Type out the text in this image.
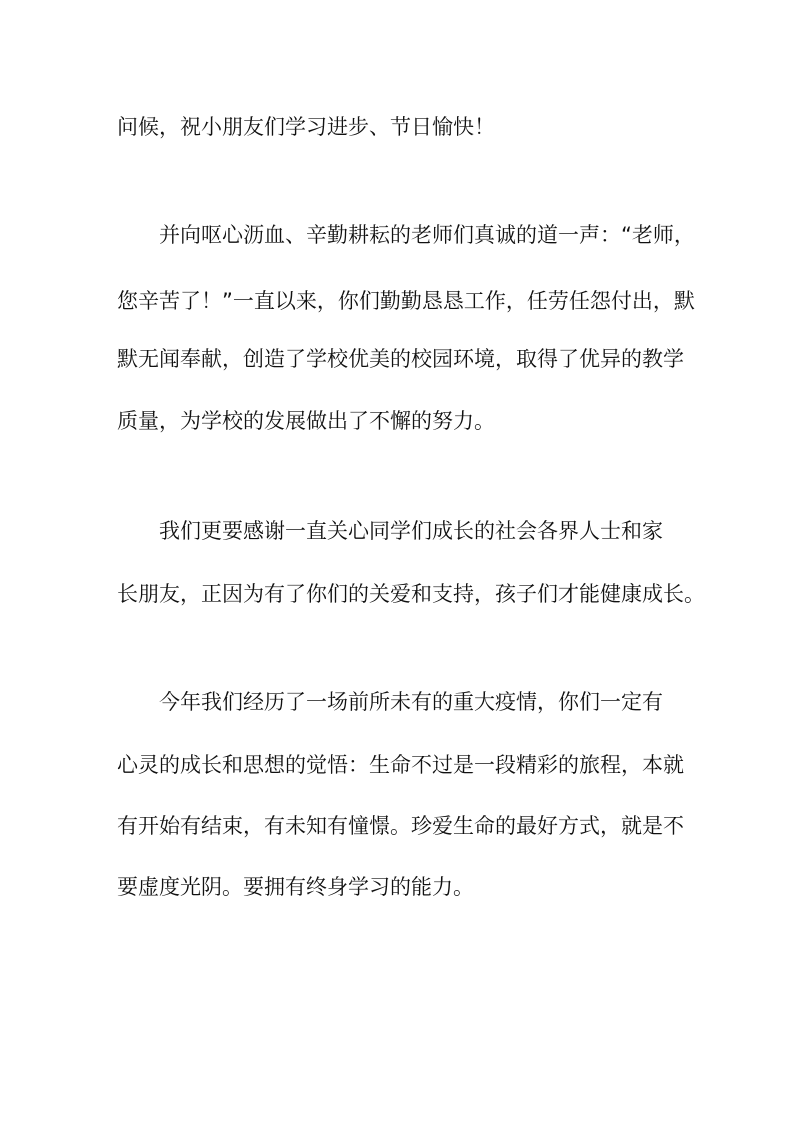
问候，祝小朋友们学习进步、节日愉快！
并向呕心沥血、辛勤耕耘的老师们真诚的道一声：“老师，
您辛苦了！”一直以来，你们勤勤恳恳工作，任劳任怨付出，默
默无闻奉献，创造了学校优美的校园环境，取得了优异的教学
质量，为学校的发展做出了不懈的努力。
我们更要感谢一直关心同学们成长的社会各界人士和家
长朋友，正因为有了你们的关爱和支持，孩子们才能健康成长。
今年我们经历了一场前所未有的重大疫情，你们一定有
心灵的成长和思想的觉悟：生命不过是一段精彩的旅程，本就
有开始有结束，有未知有憧憬。珍爱生命的最好方式，就是不
要虚度光阴。要拥有终身学习的能力。
